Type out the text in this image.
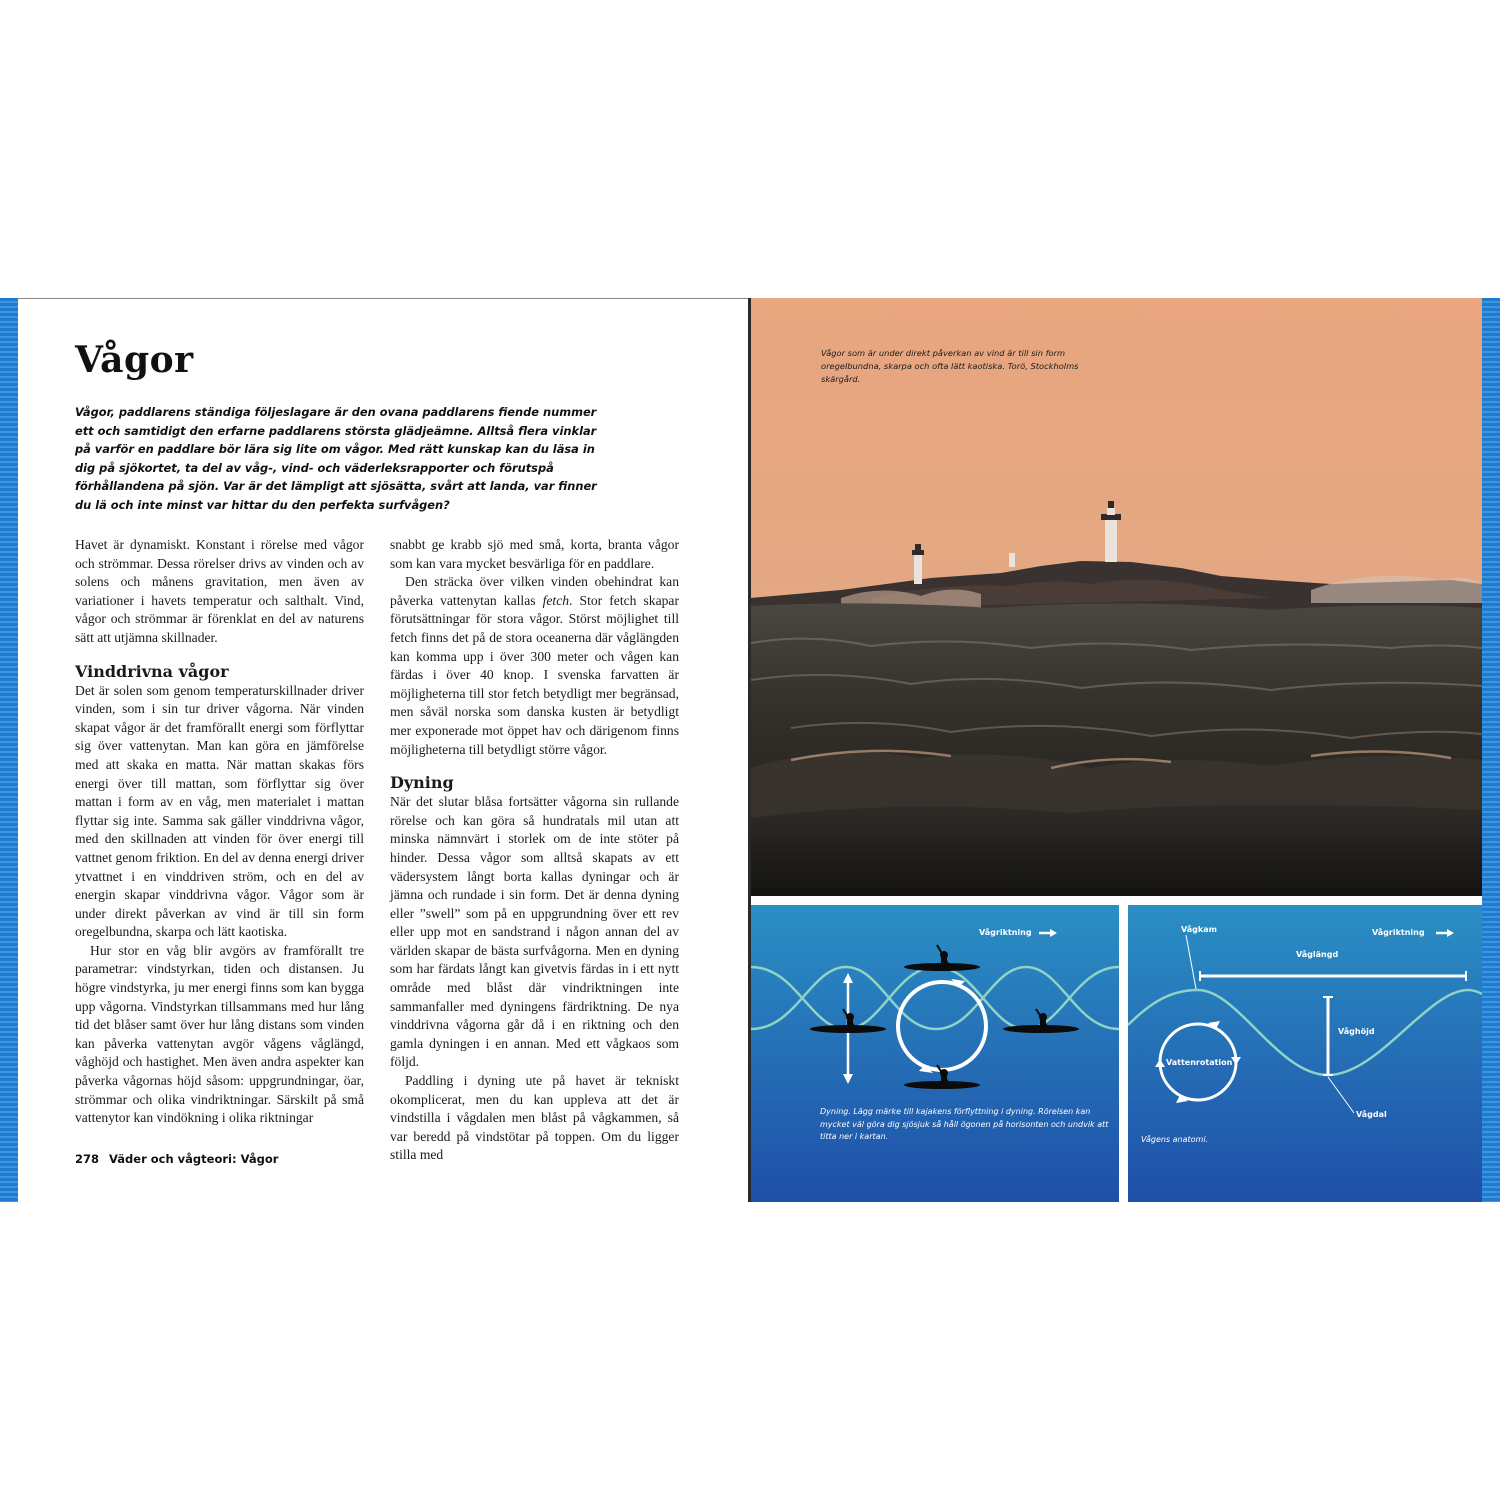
Vågor

Vågor, paddlarens ständiga följeslagare är den ovana paddlarens fiende nummer ett och samtidigt den erfarne paddlarens största glädjeämne. Alltså flera vinklar på varför en paddlare bör lära sig lite om vågor. Med rätt kunskap kan du läsa in dig på sjökortet, ta del av våg-, vind- och väderleksrapporter och förutspå förhållandena på sjön. Var är det lämpligt att sjösätta, svårt att landa, var finner du lä och inte minst var hittar du den perfekta surfvågen?

Havet är dynamiskt. Konstant i rörelse med vågor och strömmar. Dessa rörelser drivs av vinden och av solens och månens gravitation, men även av variationer i havets temperatur och salthalt. Vind, vågor och strömmar är förenklat en del av naturens sätt att utjämna skillnader.

Vinddrivna vågor

Det är solen som genom temperaturskillnader driver vinden, som i sin tur driver vågorna. När vinden skapat vågor är det framförallt energi som förflyttar sig över vattenytan. Man kan göra en jämförelse med att skaka en matta. När mattan skakas förs energi över till mattan, som förflyttar sig över mattan i form av en våg, men materialet i mattan flyttar sig inte. Samma sak gäller vinddrivna vågor, med den skillnaden att vinden för över energi till vattnet genom friktion. En del av denna energi driver ytvattnet i en vinddriven ström, och en del av energin skapar vinddrivna vågor. Vågor som är under direkt påverkan av vind är till sin form oregelbundna, skarpa och lätt kaotiska.

Hur stor en våg blir avgörs av framförallt tre parametrar: vindstyrkan, tiden och distansen. Ju högre vindstyrka, ju mer energi finns som kan bygga upp vågorna. Vindstyrkan tillsammans med hur lång tid det blåser samt över hur lång distans som vinden kan påverka vattenytan avgör vågens våglängd, våghöjd och hastighet. Men även andra aspekter kan påverka vågornas höjd såsom: uppgrundningar, öar, strömmar och olika vindriktningar. Särskilt på små vattenytor kan vindökning i olika riktningar

snabbt ge krabb sjö med små, korta, branta vågor som kan vara mycket besvärliga för en paddlare.

Den sträcka över vilken vinden obehindrat kan påverka vattenytan kallas fetch. Stor fetch skapar förutsättningar för stora vågor. Störst möjlighet till fetch finns det på de stora oceanerna där våglängden kan komma upp i över 300 meter och vågen kan färdas i över 40 knop. I svenska farvatten är möjligheterna till stor fetch betydligt mer begränsad, men såväl norska som danska kusten är betydligt mer exponerade mot öppet hav och därigenom finns möjligheterna till betydligt större vågor.

Dyning

När det slutar blåsa fortsätter vågorna sin rullande rörelse och kan göra så hundratals mil utan att minska nämnvärt i storlek om de inte stöter på hinder. Dessa vågor som alltså skapats av ett vädersystem långt borta kallas dyningar och är jämna och rundade i sin form. Det är denna dyning eller ”swell” som på en uppgrundning över ett rev eller upp mot en sandstrand i någon annan del av världen skapar de bästa surfvågorna. Men en dyning som har färdats långt kan givetvis färdas in i ett nytt område med blåst där vindriktningen inte sammanfaller med dyningens färdriktning. De nya vinddrivna vågorna går då i en riktning och den gamla dyningen i en annan. Med ett vågkaos som följd.

Paddling i dyning ute på havet är tekniskt okomplicerat, men du kan uppleva att det är vindstilla i vågdalen men blåst på vågkammen, så var beredd på vindstötar på toppen. Om du ligger stilla med

278 Väder och vågteori: Vågor
Vågor som är under direkt påverkan av vind är till sin form oregelbundna, skarpa och ofta lätt kaotiska. Torö, Stockholms skärgård.
Vågriktning
Dyning. Lägg märke till kajakens förflyttning i dyning. Rörelsen kan mycket väl göra dig sjösjuk så håll ögonen på horisonten och undvik att titta ner i kartan.
Vågkam
Våglängd
Våghöjd
Vattenrotation
Vågdal
Vågriktning
Vågens anatomi.
